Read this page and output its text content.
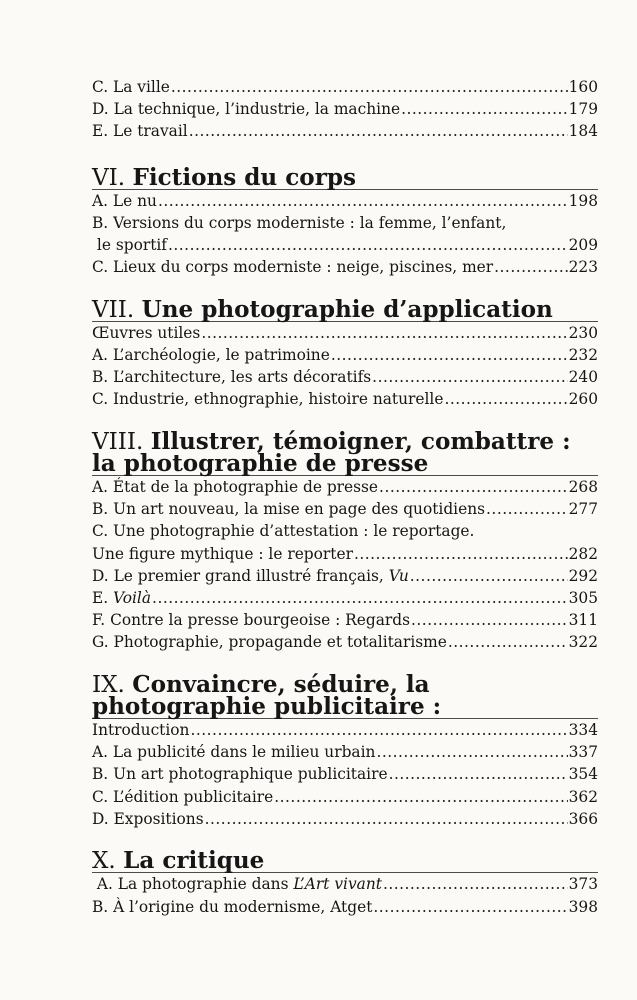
C. La ville .....	160
D. La technique, l’industrie, la machine .....	179
E. Le travail .....	184
VI. Fictions du corps
A. Le nu .....	198
B. Versions du corps moderniste : la femme, l’enfant,
le sportif .....	209
C. Lieux du corps moderniste : neige, piscines, mer .....	223
VII. Une photographie d’application
Œuvres utiles .....	230
A. L’archéologie, le patrimoine .....	232
B. L’architecture, les arts décoratifs .....	240
C. Industrie, ethnographie, histoire naturelle .....	260
VIII. Illustrer, témoigner, combattre : la photographie de presse
A. État de la photographie de presse .....	268
B. Un art nouveau, la mise en page des quotidiens .....	277
C. Une photographie d’attestation : le reportage.
Une figure mythique : le reporter .....	282
D. Le premier grand illustré français, Vu .....	292
E. Voilà .....	305
F. Contre la presse bourgeoise : Regards .....	311
G. Photographie, propagande et totalitarisme .....	322
IX. Convaincre, séduire, la photographie publicitaire :
Introduction .....	334
A. La publicité dans le milieu urbain .....	337
B. Un art photographique publicitaire .....	354
C. L’édition publicitaire .....	362
D. Expositions .....	366
X. La critique
A. La photographie dans L’Art vivant .....	373
B. À l’origine du modernisme, Atget .....	398
